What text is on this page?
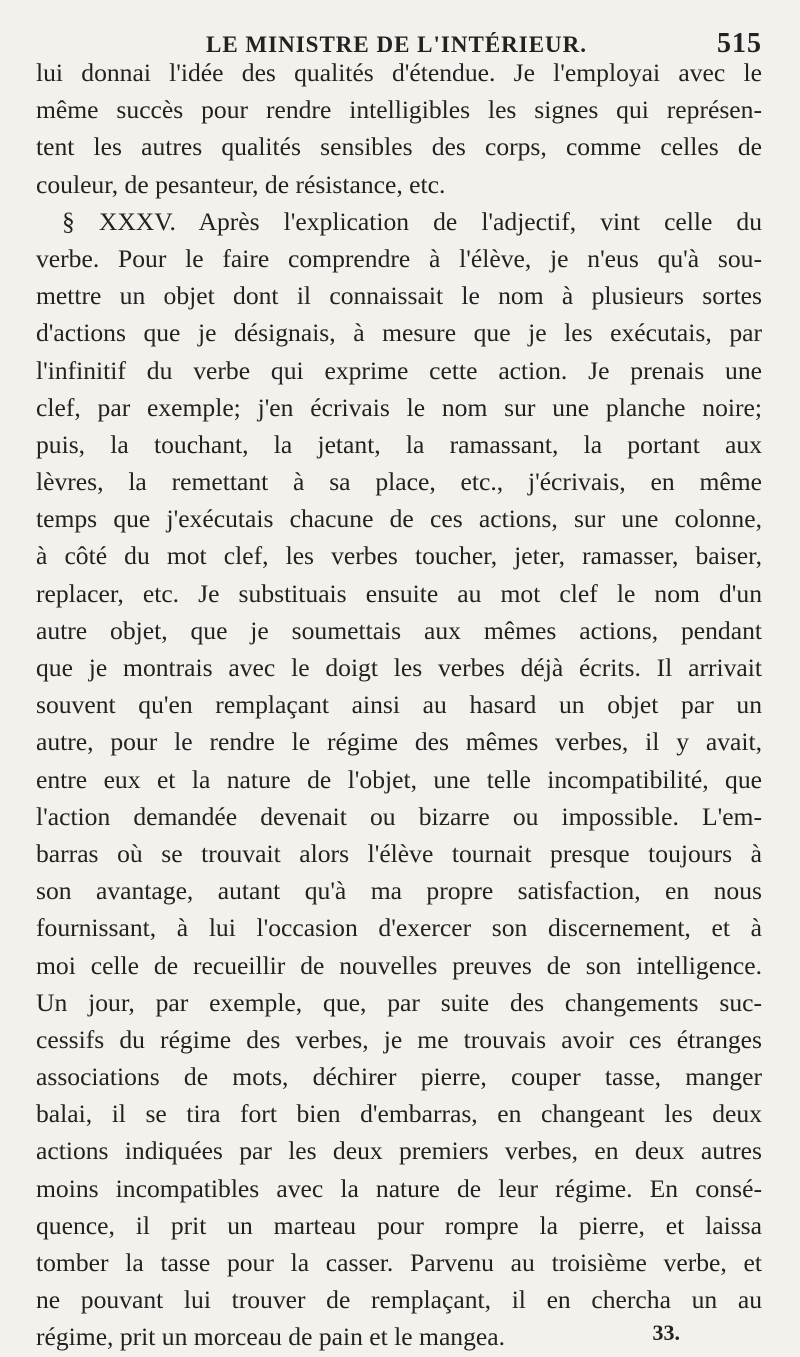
LE MINISTRE DE L'INTÉRIEUR.	515
lui donnai l'idée des qualités d'étendue. Je l'employai avec le
même succès pour rendre intelligibles les signes qui représen-
tent les autres qualités sensibles des corps, comme celles de
couleur, de pesanteur, de résistance, etc.
§ XXXV. Après l'explication de l'adjectif, vint celle du
verbe. Pour le faire comprendre à l'élève, je n'eus qu'à sou-
mettre un objet dont il connaissait le nom à plusieurs sortes
d'actions que je désignais, à mesure que je les exécutais, par
l'infinitif du verbe qui exprime cette action. Je prenais une
clef, par exemple; j'en écrivais le nom sur une planche noire;
puis, la touchant, la jetant, la ramassant, la portant aux
lèvres, la remettant à sa place, etc., j'écrivais, en même
temps que j'exécutais chacune de ces actions, sur une colonne,
à côté du mot clef, les verbes toucher, jeter, ramasser, baiser,
replacer, etc. Je substituais ensuite au mot clef le nom d'un
autre objet, que je soumettais aux mêmes actions, pendant
que je montrais avec le doigt les verbes déjà écrits. Il arrivait
souvent qu'en remplaçant ainsi au hasard un objet par un
autre, pour le rendre le régime des mêmes verbes, il y avait,
entre eux et la nature de l'objet, une telle incompatibilité, que
l'action demandée devenait ou bizarre ou impossible. L'em-
barras où se trouvait alors l'élève tournait presque toujours à
son avantage, autant qu'à ma propre satisfaction, en nous
fournissant, à lui l'occasion d'exercer son discernement, et à
moi celle de recueillir de nouvelles preuves de son intelligence.
Un jour, par exemple, que, par suite des changements suc-
cessifs du régime des verbes, je me trouvais avoir ces étranges
associations de mots, déchirer pierre, couper tasse, manger
balai, il se tira fort bien d'embarras, en changeant les deux
actions indiquées par les deux premiers verbes, en deux autres
moins incompatibles avec la nature de leur régime. En consé-
quence, il prit un marteau pour rompre la pierre, et laissa
tomber la tasse pour la casser. Parvenu au troisième verbe, et
ne pouvant lui trouver de remplaçant, il en chercha un au
régime, prit un morceau de pain et le mangea.	33.
